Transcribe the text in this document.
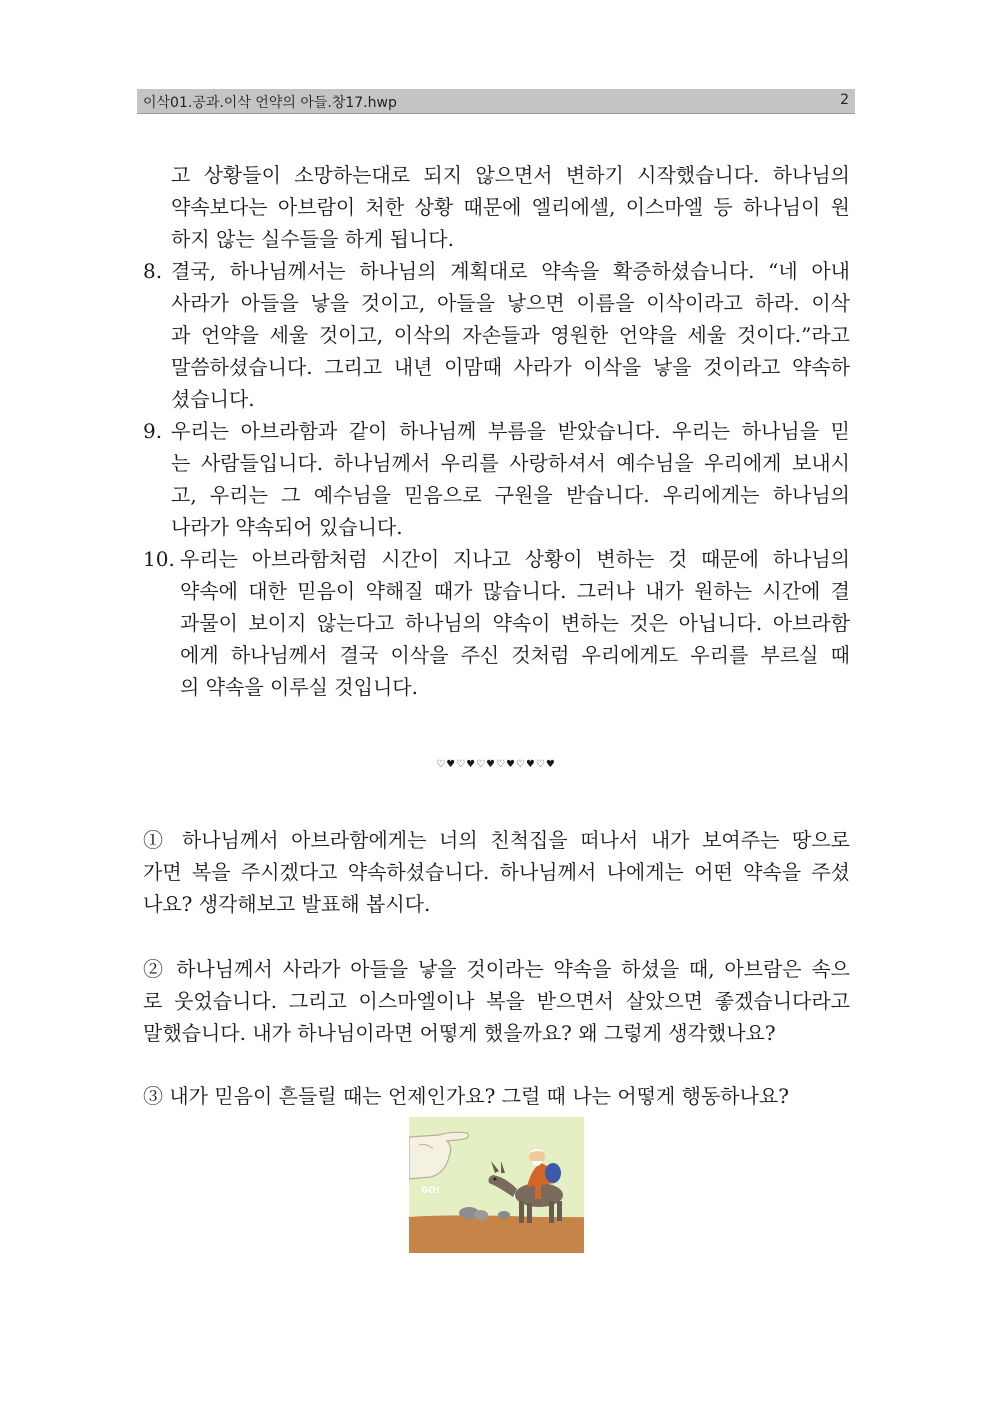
이삭01.공과.이삭 언약의 아들.창17.hwp	2
고 상황들이 소망하는대로 되지 않으면서 변하기 시작했습니다. 하나님의
약속보다는 아브람이 처한 상황 때문에 엘리에셀, 이스마엘 등 하나님이 원
하지 않는 실수들을 하게 됩니다.
8. 결국, 하나님께서는 하나님의 계획대로 약속을 확증하셨습니다. “네 아내
사라가 아들을 낳을 것이고, 아들을 낳으면 이름을 이삭이라고 하라. 이삭
과 언약을 세울 것이고, 이삭의 자손들과 영원한 언약을 세울 것이다.”라고
말씀하셨습니다. 그리고 내년 이맘때 사라가 이삭을 낳을 것이라고 약속하
셨습니다.
9. 우리는 아브라함과 같이 하나님께 부름을 받았습니다. 우리는 하나님을 믿
는 사람들입니다. 하나님께서 우리를 사랑하셔서 예수님을 우리에게 보내시
고, 우리는 그 예수님을 믿음으로 구원을 받습니다. 우리에게는 하나님의
나라가 약속되어 있습니다.
10. 우리는 아브라함처럼 시간이 지나고 상황이 변하는 것 때문에 하나님의
약속에 대한 믿음이 약해질 때가 많습니다. 그러나 내가 원하는 시간에 결
과물이 보이지 않는다고 하나님의 약속이 변하는 것은 아닙니다. 아브라함
에게 하나님께서 결국 이삭을 주신 것처럼 우리에게도 우리를 부르실 때
의 약속을 이루실 것입니다.
♡♥♡♥♡♥♡♥♡♥♡♥
① 하나님께서 아브라함에게는 너의 친척집을 떠나서 내가 보여주는 땅으로
가면 복을 주시겠다고 약속하셨습니다. 하나님께서 나에게는 어떤 약속을 주셨
나요? 생각해보고 발표해 봅시다.
② 하나님께서 사라가 아들을 낳을 것이라는 약속을 하셨을 때, 아브람은 속으
로 웃었습니다. 그리고 이스마엘이나 복을 받으면서 살았으면 좋겠습니다라고
말했습니다. 내가 하나님이라면 어떻게 했을까요? 왜 그렇게 생각했나요?
③ 내가 믿음이 흔들릴 때는 언제인가요? 그럴 때 나는 어떻게 행동하나요?
GO!
